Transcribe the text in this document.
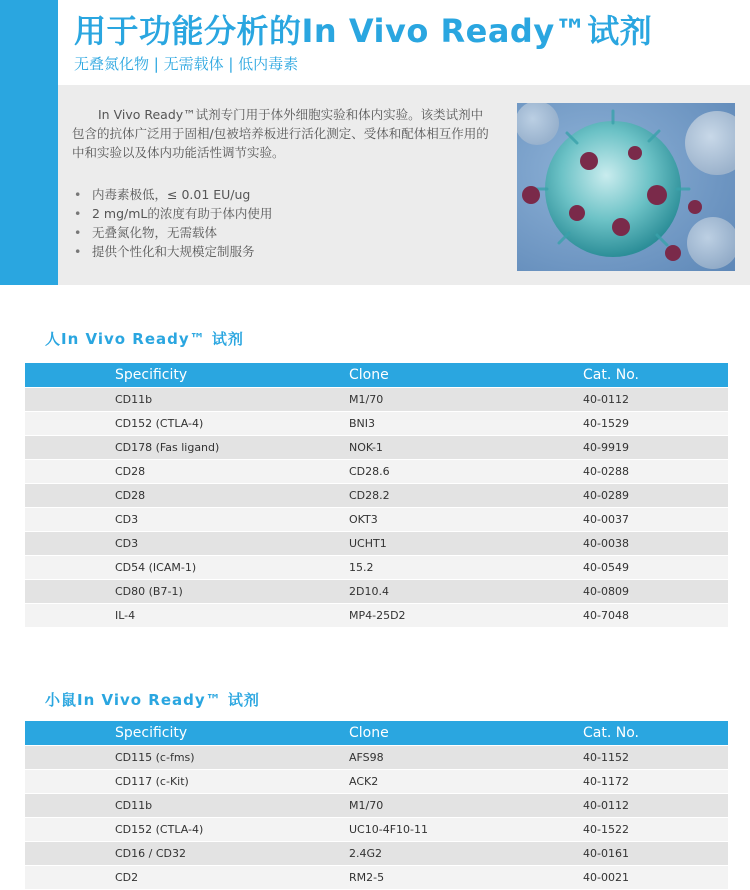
用于功能分析的In Vivo Ready™试剂
无叠氮化物 | 无需载体 | 低内毒素

In Vivo Ready™试剂专门用于体外细胞实验和体内实验。该类试剂中包含的抗体广泛用于固相/包被培养板进行活化测定、受体和配体相互作用的中和实验以及体内功能活性调节实验。

• 内毒素极低，≤ 0.01 EU/ug
• 2 mg/mL的浓度有助于体内使用
• 无叠氮化物，无需载体
• 提供个性化和大规模定制服务
人In Vivo Ready™ 试剂
	Specificity	Clone	Cat. No.
	CD11b	M1/70	40-0112
	CD152 (CTLA-4)	BNI3	40-1529
	CD178 (Fas ligand)	NOK-1	40-9919
	CD28	CD28.6	40-0288
	CD28	CD28.2	40-0289
	CD3	OKT3	40-0037
	CD3	UCHT1	40-0038
	CD54 (ICAM-1)	15.2	40-0549
	CD80 (B7-1)	2D10.4	40-0809
	IL-4	MP4-25D2	40-7048
小鼠In Vivo Ready™ 试剂
	Specificity	Clone	Cat. No.
	CD115 (c-fms)	AFS98	40-1152
	CD117 (c-Kit)	ACK2	40-1172
	CD11b	M1/70	40-0112
	CD152 (CTLA-4)	UC10-4F10-11	40-1522
	CD16 / CD32	2.4G2	40-0161
	CD2	RM2-5	40-0021
